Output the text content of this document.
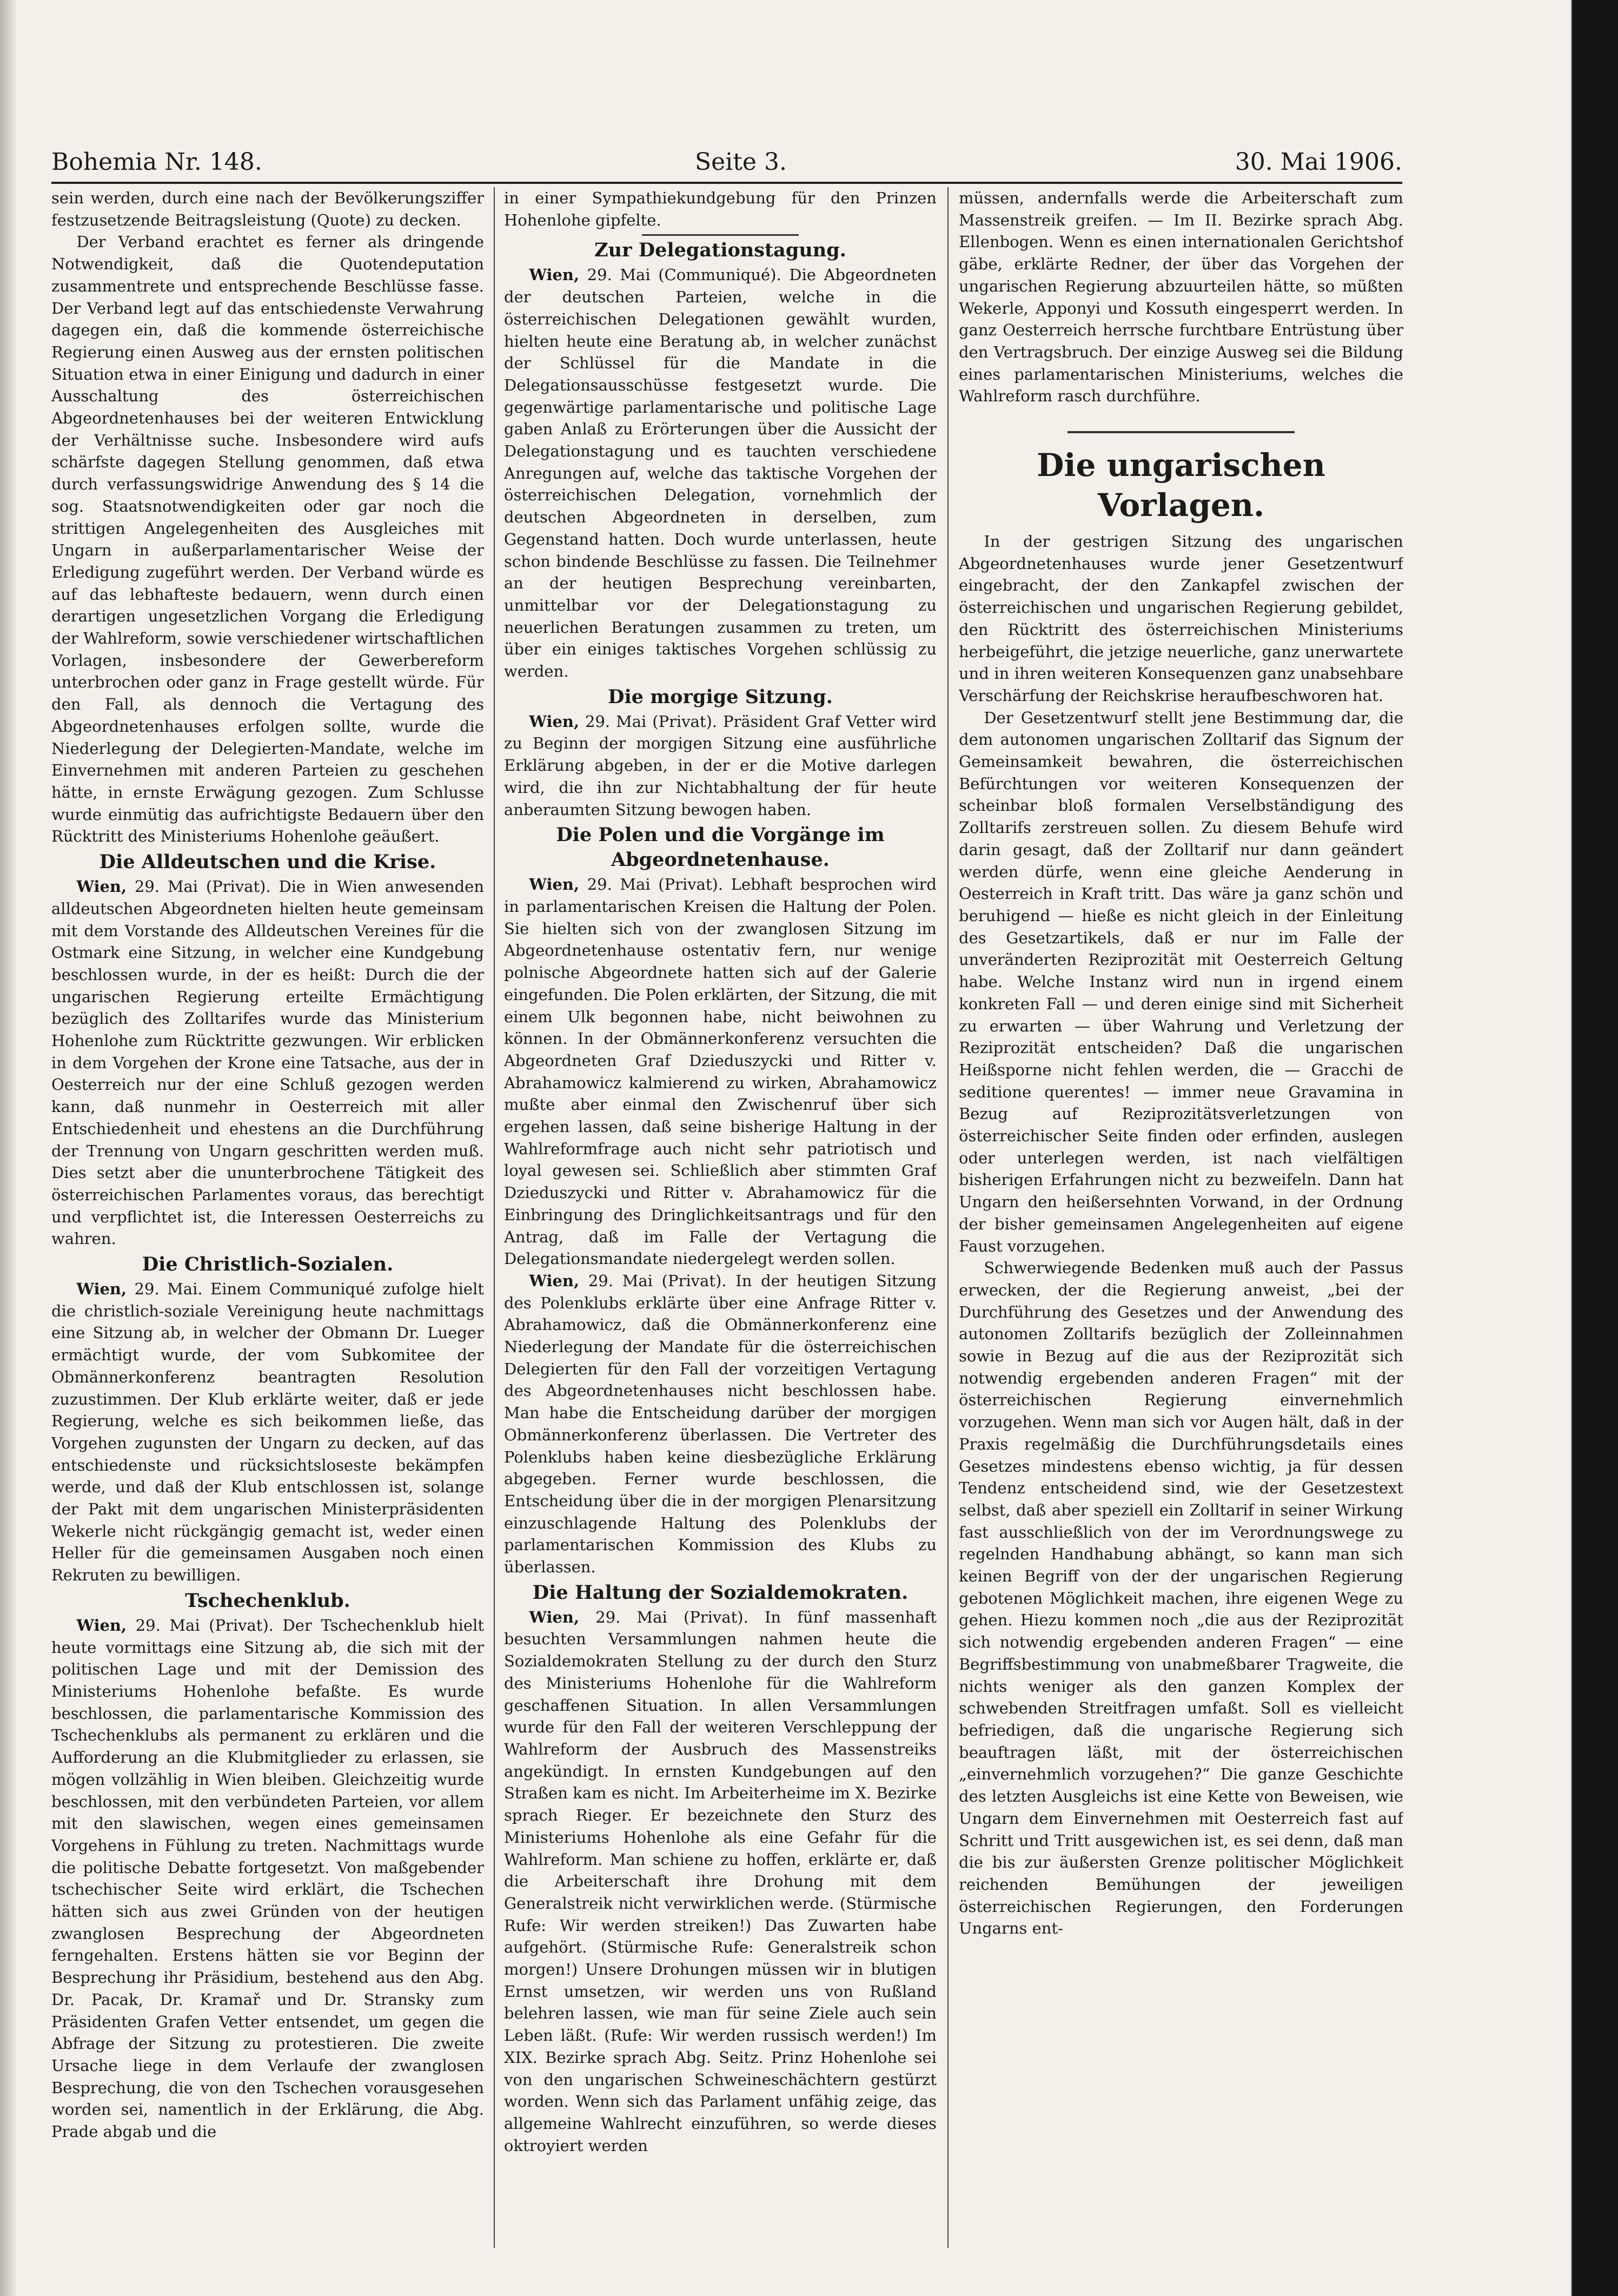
Bohemia Nr. 148.	Seite 3.	30. Mai 1906.

sein werden, durch eine nach der Bevölkerungsziffer festzusetzende Beitragsleistung (Quote) zu decken.

Der Verband erachtet es ferner als dringende Notwendigkeit, daß die Quotendeputation zusammentrete und entsprechende Beschlüsse fasse. Der Verband legt auf das entschiedenste Verwahrung dagegen ein, daß die kommende österreichische Regierung einen Ausweg aus der ernsten politischen Situation etwa in einer Einigung und dadurch in einer Ausschaltung des österreichischen Abgeordnetenhauses bei der weiteren Entwicklung der Verhältnisse suche. Insbesondere wird aufs schärfste dagegen Stellung genommen, daß etwa durch verfassungswidrige Anwendung des § 14 die sog. Staatsnotwendigkeiten oder gar noch die strittigen Angelegenheiten des Ausgleiches mit Ungarn in außerparlamentarischer Weise der Erledigung zugeführt werden. Der Verband würde es auf das lebhafteste bedauern, wenn durch einen derartigen ungesetzlichen Vorgang die Erledigung der Wahlreform, sowie verschiedener wirtschaftlichen Vorlagen, insbesondere der Gewerbereform unterbrochen oder ganz in Frage gestellt würde. Für den Fall, als dennoch die Vertagung des Abgeordnetenhauses erfolgen sollte, wurde die Niederlegung der Delegierten-Mandate, welche im Einvernehmen mit anderen Parteien zu geschehen hätte, in ernste Erwägung gezogen. Zum Schlusse wurde einmütig das aufrichtigste Bedauern über den Rücktritt des Ministeriums Hohenlohe geäußert.

Die Alldeutschen und die Krise.

Wien, 29. Mai (Privat). Die in Wien anwesenden alldeutschen Abgeordneten hielten heute gemeinsam mit dem Vorstande des Alldeutschen Vereines für die Ostmark eine Sitzung, in welcher eine Kundgebung beschlossen wurde, in der es heißt: Durch die der ungarischen Regierung erteilte Ermächtigung bezüglich des Zolltarifes wurde das Ministerium Hohenlohe zum Rücktritte gezwungen. Wir erblicken in dem Vorgehen der Krone eine Tatsache, aus der in Oesterreich nur der eine Schluß gezogen werden kann, daß nunmehr in Oesterreich mit aller Entschiedenheit und ehestens an die Durchführung der Trennung von Ungarn geschritten werden muß. Dies setzt aber die ununterbrochene Tätigkeit des österreichischen Parlamentes voraus, das berechtigt und verpflichtet ist, die Interessen Oesterreichs zu wahren.

Die Christlich-Sozialen.

Wien, 29. Mai. Einem Communiqué zufolge hielt die christlich-soziale Vereinigung heute nachmittags eine Sitzung ab, in welcher der Obmann Dr. Lueger ermächtigt wurde, der vom Subkomitee der Obmännerkonferenz beantragten Resolution zuzustimmen. Der Klub erklärte weiter, daß er jede Regierung, welche es sich beikommen ließe, das Vorgehen zugunsten der Ungarn zu decken, auf das entschiedenste und rücksichtsloseste bekämpfen werde, und daß der Klub entschlossen ist, solange der Pakt mit dem ungarischen Ministerpräsidenten Wekerle nicht rückgängig gemacht ist, weder einen Heller für die gemeinsamen Ausgaben noch einen Rekruten zu bewilligen.

Tschechenklub.

Wien, 29. Mai (Privat). Der Tschechenklub hielt heute vormittags eine Sitzung ab, die sich mit der politischen Lage und mit der Demission des Ministeriums Hohenlohe befaßte. Es wurde beschlossen, die parlamentarische Kommission des Tschechenklubs als permanent zu erklären und die Aufforderung an die Klubmitglieder zu erlassen, sie mögen vollzählig in Wien bleiben. Gleichzeitig wurde beschlossen, mit den verbündeten Parteien, vor allem mit den slawischen, wegen eines gemeinsamen Vorgehens in Fühlung zu treten. Nachmittags wurde die politische Debatte fortgesetzt. Von maßgebender tschechischer Seite wird erklärt, die Tschechen hätten sich aus zwei Gründen von der heutigen zwanglosen Besprechung der Abgeordneten ferngehalten. Erstens hätten sie vor Beginn der Besprechung ihr Präsidium, bestehend aus den Abg. Dr. Pacak, Dr. Kramař und Dr. Stransky zum Präsidenten Grafen Vetter entsendet, um gegen die Abfrage der Sitzung zu protestieren. Die zweite Ursache liege in dem Verlaufe der zwanglosen Besprechung, die von den Tschechen vorausgesehen worden sei, namentlich in der Erklärung, die Abg. Prade abgab und die

in einer Sympathiekundgebung für den Prinzen Hohenlohe gipfelte.

Zur Delegationstagung.

Wien, 29. Mai (Communiqué). Die Abgeordneten der deutschen Parteien, welche in die österreichischen Delegationen gewählt wurden, hielten heute eine Beratung ab, in welcher zunächst der Schlüssel für die Mandate in die Delegationsausschüsse festgesetzt wurde. Die gegenwärtige parlamentarische und politische Lage gaben Anlaß zu Erörterungen über die Aussicht der Delegationstagung und es tauchten verschiedene Anregungen auf, welche das taktische Vorgehen der österreichischen Delegation, vornehmlich der deutschen Abgeordneten in derselben, zum Gegenstand hatten. Doch wurde unterlassen, heute schon bindende Beschlüsse zu fassen. Die Teilnehmer an der heutigen Besprechung vereinbarten, unmittelbar vor der Delegationstagung zu neuerlichen Beratungen zusammen zu treten, um über ein einiges taktisches Vorgehen schlüssig zu werden.

Die morgige Sitzung.

Wien, 29. Mai (Privat). Präsident Graf Vetter wird zu Beginn der morgigen Sitzung eine ausführliche Erklärung abgeben, in der er die Motive darlegen wird, die ihn zur Nichtabhaltung der für heute anberaumten Sitzung bewogen haben.

Die Polen und die Vorgänge im Abgeordnetenhause.

Wien, 29. Mai (Privat). Lebhaft besprochen wird in parlamentarischen Kreisen die Haltung der Polen. Sie hielten sich von der zwanglosen Sitzung im Abgeordnetenhause ostentativ fern, nur wenige polnische Abgeordnete hatten sich auf der Galerie eingefunden. Die Polen erklärten, der Sitzung, die mit einem Ulk begonnen habe, nicht beiwohnen zu können. In der Obmännerkonferenz versuchten die Abgeordneten Graf Dzieduszycki und Ritter v. Abrahamowicz kalmierend zu wirken, Abrahamowicz mußte aber einmal den Zwischenruf über sich ergehen lassen, daß seine bisherige Haltung in der Wahlreformfrage auch nicht sehr patriotisch und loyal gewesen sei. Schließlich aber stimmten Graf Dzieduszycki und Ritter v. Abrahamowicz für die Einbringung des Dringlichkeitsantrags und für den Antrag, daß im Falle der Vertagung die Delegationsmandate niedergelegt werden sollen.

Wien, 29. Mai (Privat). In der heutigen Sitzung des Polenklubs erklärte über eine Anfrage Ritter v. Abrahamowicz, daß die Obmännerkonferenz eine Niederlegung der Mandate für die österreichischen Delegierten für den Fall der vorzeitigen Vertagung des Abgeordnetenhauses nicht beschlossen habe. Man habe die Entscheidung darüber der morgigen Obmännerkonferenz überlassen. Die Vertreter des Polenklubs haben keine diesbezügliche Erklärung abgegeben. Ferner wurde beschlossen, die Entscheidung über die in der morgigen Plenarsitzung einzuschlagende Haltung des Polenklubs der parlamentarischen Kommission des Klubs zu überlassen.

Die Haltung der Sozialdemokraten.

Wien, 29. Mai (Privat). In fünf massenhaft besuchten Versammlungen nahmen heute die Sozialdemokraten Stellung zu der durch den Sturz des Ministeriums Hohenlohe für die Wahlreform geschaffenen Situation. In allen Versammlungen wurde für den Fall der weiteren Verschleppung der Wahlreform der Ausbruch des Massenstreiks angekündigt. In ernsten Kundgebungen auf den Straßen kam es nicht. Im Arbeiterheime im X. Bezirke sprach Rieger. Er bezeichnete den Sturz des Ministeriums Hohenlohe als eine Gefahr für die Wahlreform. Man schiene zu hoffen, erklärte er, daß die Arbeiterschaft ihre Drohung mit dem Generalstreik nicht verwirklichen werde. (Stürmische Rufe: Wir werden streiken!) Das Zuwarten habe aufgehört. (Stürmische Rufe: Generalstreik schon morgen!) Unsere Drohungen müssen wir in blutigen Ernst umsetzen, wir werden uns von Rußland belehren lassen, wie man für seine Ziele auch sein Leben läßt. (Rufe: Wir werden russisch werden!) Im XIX. Bezirke sprach Abg. Seitz. Prinz Hohenlohe sei von den ungarischen Schweineschächtern gestürzt worden. Wenn sich das Parlament unfähig zeige, das allgemeine Wahlrecht einzuführen, so werde dieses oktroyiert werden

müssen, andernfalls werde die Arbeiterschaft zum Massenstreik greifen. — Im II. Bezirke sprach Abg. Ellenbogen. Wenn es einen internationalen Gerichtshof gäbe, erklärte Redner, der über das Vorgehen der ungarischen Regierung abzuurteilen hätte, so müßten Wekerle, Apponyi und Kossuth eingesperrt werden. In ganz Oesterreich herrsche furchtbare Entrüstung über den Vertragsbruch. Der einzige Ausweg sei die Bildung eines parlamentarischen Ministeriums, welches die Wahlreform rasch durchführe.

Die ungarischen Vorlagen.

In der gestrigen Sitzung des ungarischen Abgeordnetenhauses wurde jener Gesetzentwurf eingebracht, der den Zankapfel zwischen der österreichischen und ungarischen Regierung gebildet, den Rücktritt des österreichischen Ministeriums herbeigeführt, die jetzige neuerliche, ganz unerwartete und in ihren weiteren Konsequenzen ganz unabsehbare Verschärfung der Reichskrise heraufbeschworen hat.

Der Gesetzentwurf stellt jene Bestimmung dar, die dem autonomen ungarischen Zolltarif das Signum der Gemeinsamkeit bewahren, die österreichischen Befürchtungen vor weiteren Konsequenzen der scheinbar bloß formalen Verselbständigung des Zolltarifs zerstreuen sollen. Zu diesem Behufe wird darin gesagt, daß der Zolltarif nur dann geändert werden dürfe, wenn eine gleiche Aenderung in Oesterreich in Kraft tritt. Das wäre ja ganz schön und beruhigend — hieße es nicht gleich in der Einleitung des Gesetzartikels, daß er nur im Falle der unveränderten Reziprozität mit Oesterreich Geltung habe. Welche Instanz wird nun in irgend einem konkreten Fall — und deren einige sind mit Sicherheit zu erwarten — über Wahrung und Verletzung der Reziprozität entscheiden? Daß die ungarischen Heißsporne nicht fehlen werden, die — Gracchi de seditione querentes! — immer neue Gravamina in Bezug auf Reziprozitätsverletzungen von österreichischer Seite finden oder erfinden, auslegen oder unterlegen werden, ist nach vielfältigen bisherigen Erfahrungen nicht zu bezweifeln. Dann hat Ungarn den heißersehnten Vorwand, in der Ordnung der bisher gemeinsamen Angelegenheiten auf eigene Faust vorzugehen.

Schwerwiegende Bedenken muß auch der Passus erwecken, der die Regierung anweist, „bei der Durchführung des Gesetzes und der Anwendung des autonomen Zolltarifs bezüglich der Zolleinnahmen sowie in Bezug auf die aus der Reziprozität sich notwendig ergebenden anderen Fragen“ mit der österreichischen Regierung einvernehmlich vorzugehen. Wenn man sich vor Augen hält, daß in der Praxis regelmäßig die Durchführungsdetails eines Gesetzes mindestens ebenso wichtig, ja für dessen Tendenz entscheidend sind, wie der Gesetzestext selbst, daß aber speziell ein Zolltarif in seiner Wirkung fast ausschließlich von der im Verordnungswege zu regelnden Handhabung abhängt, so kann man sich keinen Begriff von der der ungarischen Regierung gebotenen Möglichkeit machen, ihre eigenen Wege zu gehen. Hiezu kommen noch „die aus der Reziprozität sich notwendig ergebenden anderen Fragen“ — eine Begriffsbestimmung von unabmeßbarer Tragweite, die nichts weniger als den ganzen Komplex der schwebenden Streitfragen umfaßt. Soll es vielleicht befriedigen, daß die ungarische Regierung sich beauftragen läßt, mit der österreichischen „einvernehmlich vorzugehen?“ Die ganze Geschichte des letzten Ausgleichs ist eine Kette von Beweisen, wie Ungarn dem Einvernehmen mit Oesterreich fast auf Schritt und Tritt ausgewichen ist, es sei denn, daß man die bis zur äußersten Grenze politischer Möglichkeit reichenden Bemühungen der jeweiligen österreichischen Regierungen, den Forderungen Ungarns ent-
